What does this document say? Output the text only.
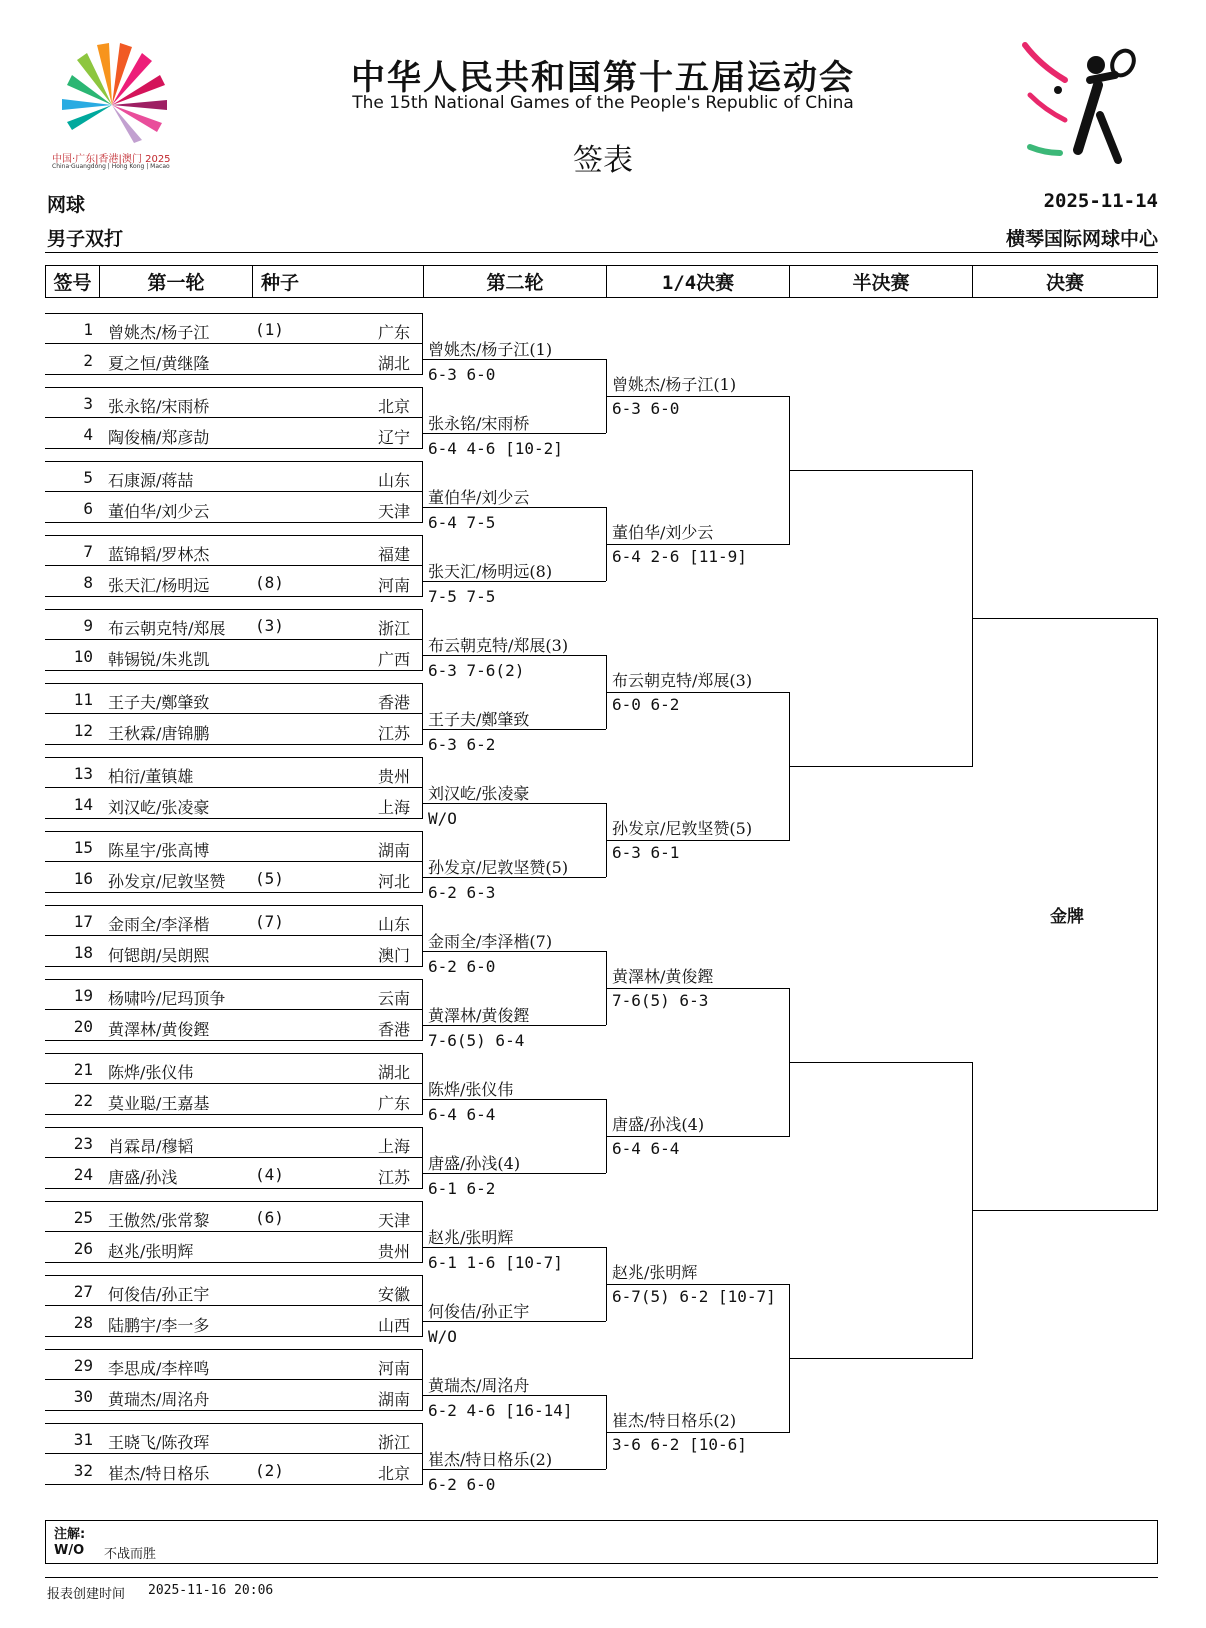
中国·广东|香港|澳门 2025
China·Guangdong | Hong Kong | Macao
中华人民共和国第十五届运动会
The 15th National Games of the People's Republic of China
签表
网球
男子双打
2025-11-14
横琴国际网球中心
签号	第一轮	种子	第二轮	1/4决赛	半决赛	决赛
1 曾姚杰/杨子江	(1)	广东
2 夏之恒/黄继隆	湖北
3 张永铭/宋雨桥	北京
4 陶俊楠/郑彦劼	辽宁
5 石康源/蒋喆	山东
6 董伯华/刘少云	天津
7 蓝锦韬/罗林杰	福建
8 张天汇/杨明远	(8)	河南
9 布云朝克特/郑展 (3)	浙江
10 韩锡锐/朱兆凯	广西
11 王子夫/鄭肇致	香港
12 王秋霖/唐锦鹏	江苏
13 柏衍/董镇雄	贵州
14 刘汉屹/张凌豪	上海
15 陈星宇/张高博	湖南
16 孙发京/尼敦坚赞 (5)	河北
17 金雨全/李泽楷	(7)	山东
18 何锶朗/吴朗熙	澳门
19 杨啸吟/尼玛顶争	云南
20 黄澤林/黄俊鏗	香港
21 陈烨/张仪伟	湖北
22 莫业聪/王嘉基	广东
23 肖霖昂/穆韬	上海
24 唐盛/孙浅	(4)	江苏
25 王傲然/张常黎	(6)	天津
26 赵兆/张明辉	贵州
27 何俊佶/孙正宇	安徽
28 陆鹏宇/李一多	山西
29 李思成/李梓鸣	河南
30 黄瑞杰/周洺舟	湖南
31 王晓飞/陈孜珲	浙江
32 崔杰/特日格乐	(2)	北京
曾姚杰/杨子江(1)
6-3 6-0
张永铭/宋雨桥
6-4 4-6 [10-2]
董伯华/刘少云
6-4 7-5
张天汇/杨明远(8)
7-5 7-5
布云朝克特/郑展(3)
6-3 7-6(2)
王子夫/鄭肇致
6-3 6-2
刘汉屹/张凌豪
W/O
孙发京/尼敦坚赞(5)
6-2 6-3
金雨全/李泽楷(7)
6-2 6-0
黄澤林/黄俊鏗
7-6(5) 6-4
陈烨/张仪伟
6-4 6-4
唐盛/孙浅(4)
6-1 6-2
赵兆/张明辉
6-1 1-6 [10-7]
何俊佶/孙正宇
W/O
黄瑞杰/周洺舟
6-2 4-6 [16-14]
崔杰/特日格乐(2)
6-2 6-0
曾姚杰/杨子江(1)
6-3 6-0
董伯华/刘少云
6-4 2-6 [11-9]
布云朝克特/郑展(3)
6-0 6-2
孙发京/尼敦坚赞(5)
6-3 6-1
黄澤林/黄俊鏗
7-6(5) 6-3
唐盛/孙浅(4)
6-4 6-4
赵兆/张明辉
6-7(5) 6-2 [10-7]
崔杰/特日格乐(2)
3-6 6-2 [10-6]
金牌
注解:
W/O 不战而胜
报表创建时间 2025-11-16 20:06
